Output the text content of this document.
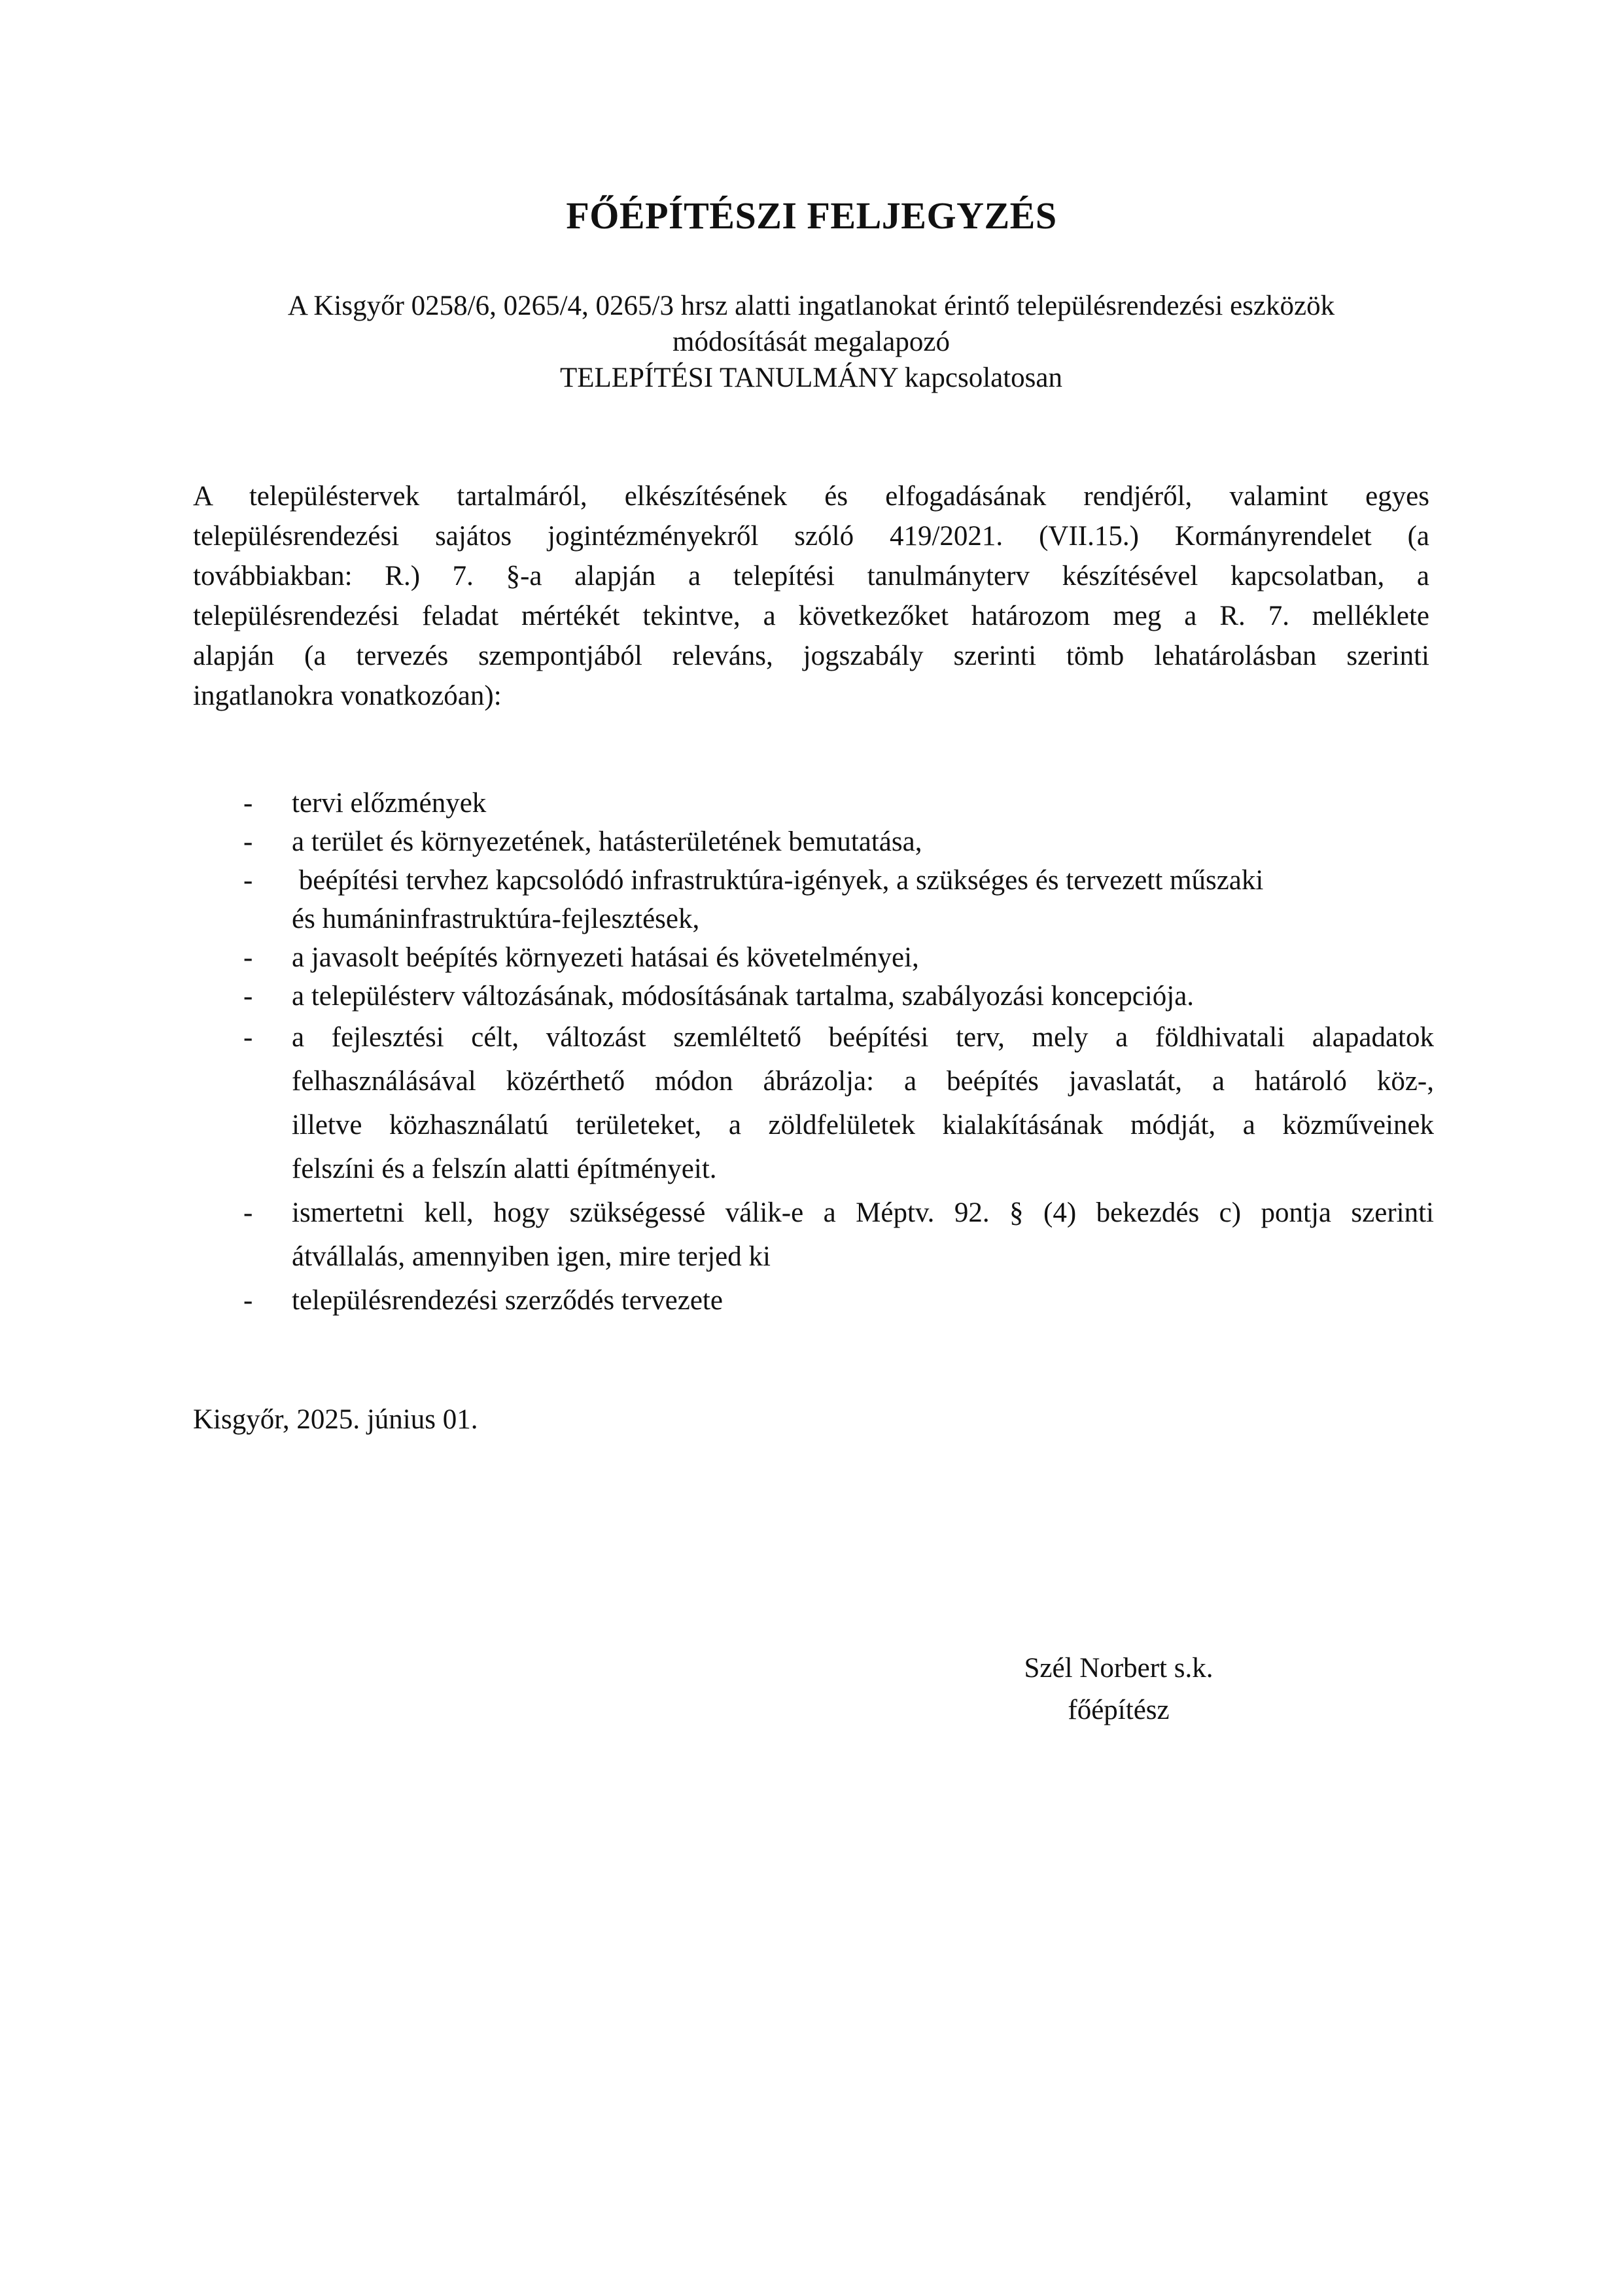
FŐÉPÍTÉSZI FELJEGYZÉS
A Kisgyőr 0258/6, 0265/4, 0265/3 hrsz alatti ingatlanokat érintő településrendezési eszközök
módosítását megalapozó
TELEPÍTÉSI TANULMÁNY kapcsolatosan
A településtervek tartalmáról, elkészítésének és elfogadásának rendjéről, valamint egyes
településrendezési sajátos jogintézményekről szóló 419/2021. (VII.15.) Kormányrendelet (a
továbbiakban: R.) 7. §-a alapján a telepítési tanulmányterv készítésével kapcsolatban, a
településrendezési feladat mértékét tekintve, a következőket határozom meg a R. 7. melléklete
alapján (a tervezés szempontjából releváns, jogszabály szerinti tömb lehatárolásban szerinti
ingatlanokra vonatkozóan):
- tervi előzmények
- a terület és környezetének, hatásterületének bemutatása,
- beépítési tervhez kapcsolódó infrastruktúra-igények, a szükséges és tervezett műszaki
és humáninfrastruktúra-fejlesztések,
- a javasolt beépítés környezeti hatásai és követelményei,
- a településterv változásának, módosításának tartalma, szabályozási koncepciója.
- a fejlesztési célt, változást szemléltető beépítési terv, mely a földhivatali alapadatok
felhasználásával közérthető módon ábrázolja: a beépítés javaslatát, a határoló köz-,
illetve közhasználatú területeket, a zöldfelületek kialakításának módját, a közműveinek
felszíni és a felszín alatti építményeit.
- ismertetni kell, hogy szükségessé válik-e a Méptv. 92. § (4) bekezdés c) pontja szerinti
átvállalás, amennyiben igen, mire terjed ki
- településrendezési szerződés tervezete
Kisgyőr, 2025. június 01.
Szél Norbert s.k.
főépítész
